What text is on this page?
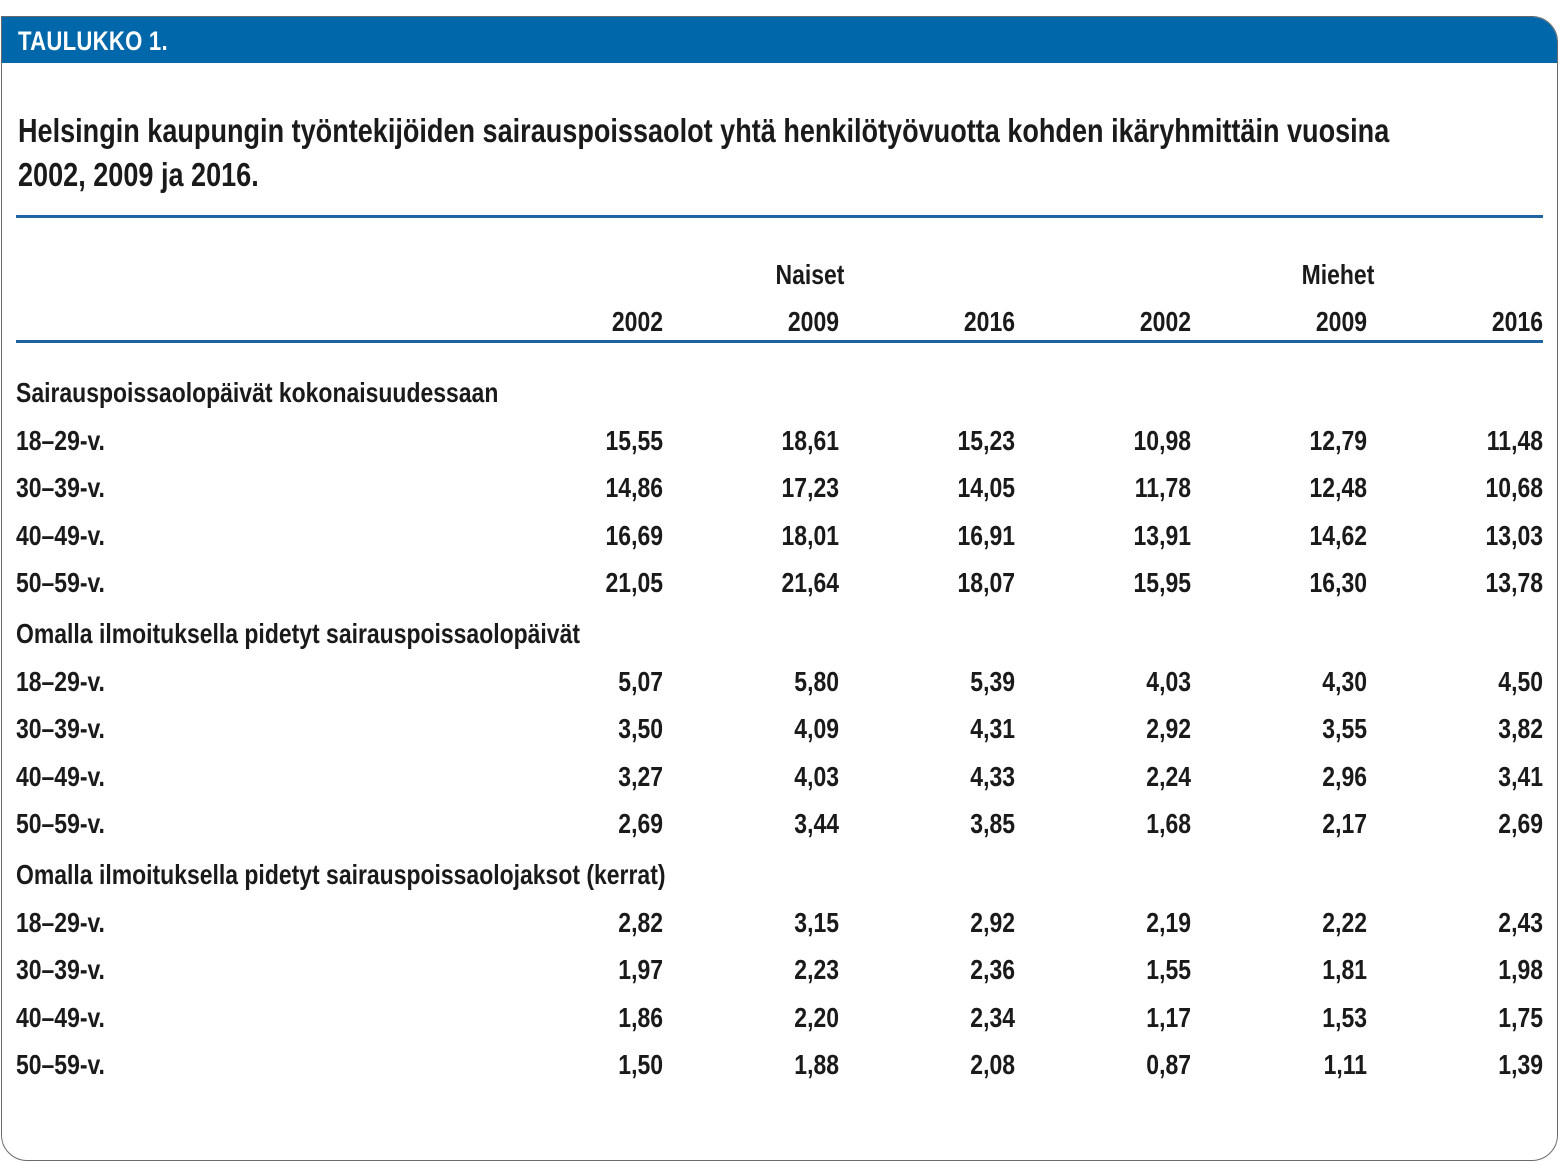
TAULUKKO 1.
Helsingin kaupungin työntekijöiden sairauspoissaolot yhtä henkilötyövuotta kohden ikäryhmittäin vuosina 2002, 2009 ja 2016.
Naiset	Miehet
2002	2009	2016	2002	2009	2016
Sairauspoissaolopäivät kokonaisuudessaan
18–29-v.	15,55	18,61	15,23	10,98	12,79	11,48
30–39-v.	14,86	17,23	14,05	11,78	12,48	10,68
40–49-v.	16,69	18,01	16,91	13,91	14,62	13,03
50–59-v.	21,05	21,64	18,07	15,95	16,30	13,78
Omalla ilmoituksella pidetyt sairauspoissaolopäivät
18–29-v.	5,07	5,80	5,39	4,03	4,30	4,50
30–39-v.	3,50	4,09	4,31	2,92	3,55	3,82
40–49-v.	3,27	4,03	4,33	2,24	2,96	3,41
50–59-v.	2,69	3,44	3,85	1,68	2,17	2,69
Omalla ilmoituksella pidetyt sairauspoissaolojaksot (kerrat)
18–29-v.	2,82	3,15	2,92	2,19	2,22	2,43
30–39-v.	1,97	2,23	2,36	1,55	1,81	1,98
40–49-v.	1,86	2,20	2,34	1,17	1,53	1,75
50–59-v.	1,50	1,88	2,08	0,87	1,11	1,39
